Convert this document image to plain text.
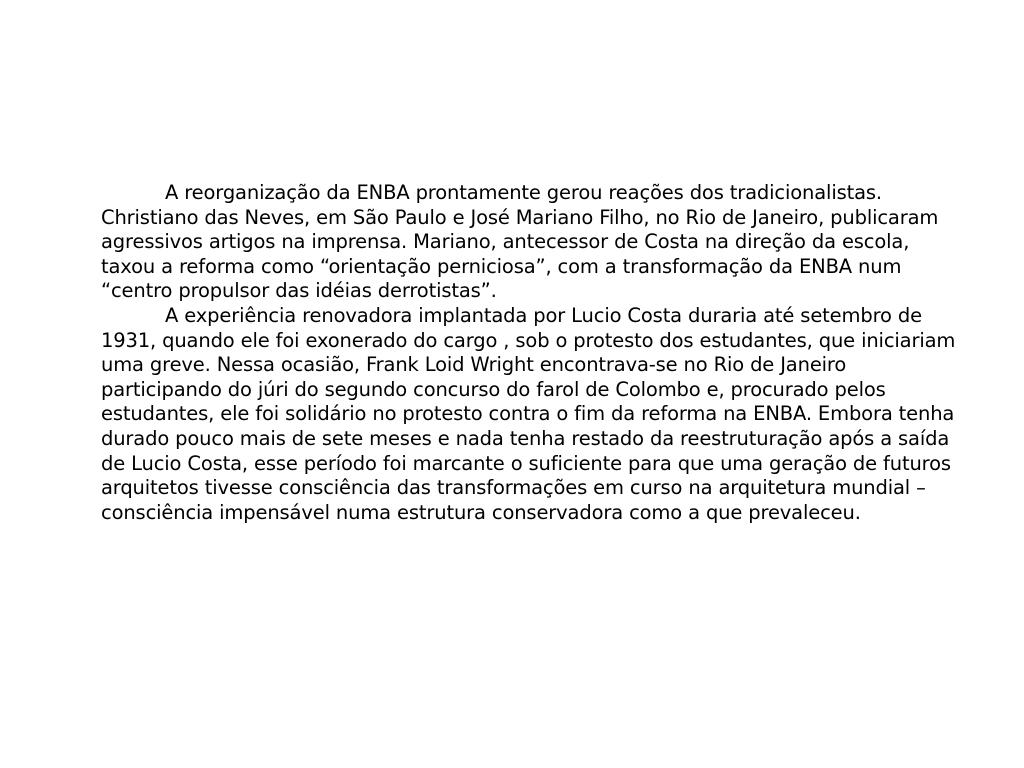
A reorganização da ENBA prontamente gerou reações dos tradicionalistas. Christiano das Neves, em São Paulo e José Mariano Filho, no Rio de Janeiro, publicaram agressivos artigos na imprensa. Mariano, antecessor de Costa na direção da escola, taxou a reforma como “orientação perniciosa”, com a transformação da ENBA num “centro propulsor das idéias derrotistas”.

A experiência renovadora implantada por Lucio Costa duraria até setembro de 1931, quando ele foi exonerado do cargo , sob o protesto dos estudantes, que iniciariam uma greve. Nessa ocasião, Frank Loid Wright encontrava-se no Rio de Janeiro participando do júri do segundo concurso do farol de Colombo e, procurado pelos estudantes, ele foi solidário no protesto contra o fim da reforma na ENBA. Embora tenha durado pouco mais de sete meses e nada tenha restado da reestruturação após a saída de Lucio Costa, esse período foi marcante o suficiente para que uma geração de futuros arquitetos tivesse consciência das transformações em curso na arquitetura mundial – consciência impensável numa estrutura conservadora como a que prevaleceu.
